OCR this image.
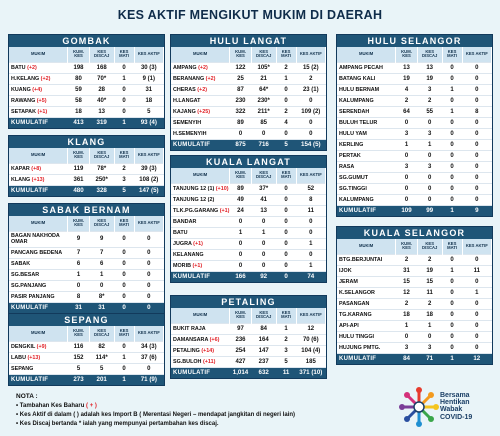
KES AKTIF MENGIKUT MUKIM DI DAERAH
GOMBAK
MUKIM	KUM. KES	KES DISCAJ	KES MATI	KES AKTIF
BATU (+2)	198	168	0	30 (3)
H.KELANG (+2)	80	70*	1	9 (1)
KUANG (+4)	59	28	0	31
RAWANG (+5)	58	40*	0	18
SETAPAK (+1)	18	13	0	5
KUMULATIF	413	319	1	93 (4)
KLANG
MUKIM	KUM. KES	KES DISCAJ	KES MATI	KES AKTIF
KAPAR (+8)	119	78*	2	39 (3)
KLANG (+13)	361	250*	3	108 (2)
KUMULATIF	480	328	5	147 (5)
SABAK BERNAM
MUKIM	KUM. KES	KES DISCAJ	KES MATI	KES AKTIF
BAGAN NAKHODA OMAR	9	9	0	0
PANCANG BEDENA	7	7	0	0
SABAK	6	6	0	0
SG.BESAR	1	1	0	0
SG.PANJANG	0	0	0	0
PASIR PANJANG	8	8*	0	0
KUMULATIF	31	31	0	0
SEPANG
MUKIM	KUM. KES	KES DISCAJ	KES MATI	KES AKTIF
DENGKIL (+9)	116	82	0	34 (3)
LABU (+13)	152	114*	1	37 (6)
SEPANG	5	5	0	0
KUMULATIF	273	201	1	71 (9)
HULU LANGAT
MUKIM	KUM. KES	KES DISCAJ	KES MATI	KES AKTIF
AMPANG (+2)	122	105*	2	15 (2)
BERANANG (+2)	25	21	1	2
CHERAS (+2)	87	64*	0	23 (1)
H.LANGAT	230	230*	0	0
KAJANG (+25)	322	211*	2	109 (2)
SEMENYIH	89	85	4	0
H.SEMENYIH	0	0	0	0
KUMULATIF	875	716	5	154 (5)
KUALA LANGAT
MUKIM	KUM. KES	KES DISCAJ	KES MATI	KES AKTIF
TANJUNG 12 (1) (+10)	89	37*	0	52
TANJUNG 12 (2)	49	41	0	8
TLK.PG.GARANG (+1)	24	13	0	11
BANDAR	0	0	0	0
BATU	1	1	0	0
JUGRA (+1)	0	0	0	1
KELANANG	0	0	0	0
MORIB (+1)	0	0	0	1
KUMULATIF	166	92	0	74
PETALING
MUKIM	KUM. KES	KES DISCAJ	KES MATI	KES AKTIF
BUKIT RAJA	97	84	1	12
DAMANSARA (+6)	236	164	2	70 (6)
PETALING (+14)	254	147	3	104 (4)
SG.BULOH (+11)	427	237	5	185
KUMULATIF	1,014	632	11	371 (10)
HULU SELANGOR
MUKIM	KUM. KES	KES DISCAJ	KES MATI	KES AKTIF
AMPANG PECAH	13	13	0	0
BATANG KALI	19	19	0	0
HULU BERNAM	4	3	1	0
KALUMPANG	2	2	0	0
SERENDAH	64	55	1	8
BULUH TELUR	0	0	0	0
HULU YAM	3	3	0	0
KERLING	1	1	0	0
PERTAK	0	0	0	0
RASA	3	3	0	0
SG.GUMUT	0	0	0	0
SG.TINGGI	0	0	0	0
KALUMPANG	0	0	0	0
KUMULATIF	109	99	1	9
KUALA SELANGOR
MUKIM	KUM. KES	KES DISCAJ	KES MATI	KES AKTIF
BTG.BERJUNTAI	2	2	0	0
IJOK	31	19	1	11
JERAM	15	15	0	0
K.SELANGOR	12	11	0	1
PASANGAN	2	2	0	0
TG.KARANG	18	18	0	0
API-API	1	1	0	0
HULU TINGGI	0	0	0	0
HUJUNG PMTG.	3	3	0	0
KUMULATIF	84	71	1	12
NOTA :
• Tambahan Kes Baharu ( + )
• Kes Aktif di dalam ( ) adalah kes Import B ( Merentasi Negeri – mendapat jangkitan di negeri lain)
• Kes Discaj bertanda * ialah yang mempunyai pertambahan kes discaj.
Bersama
Hentikan
Wabak
COVID-19
